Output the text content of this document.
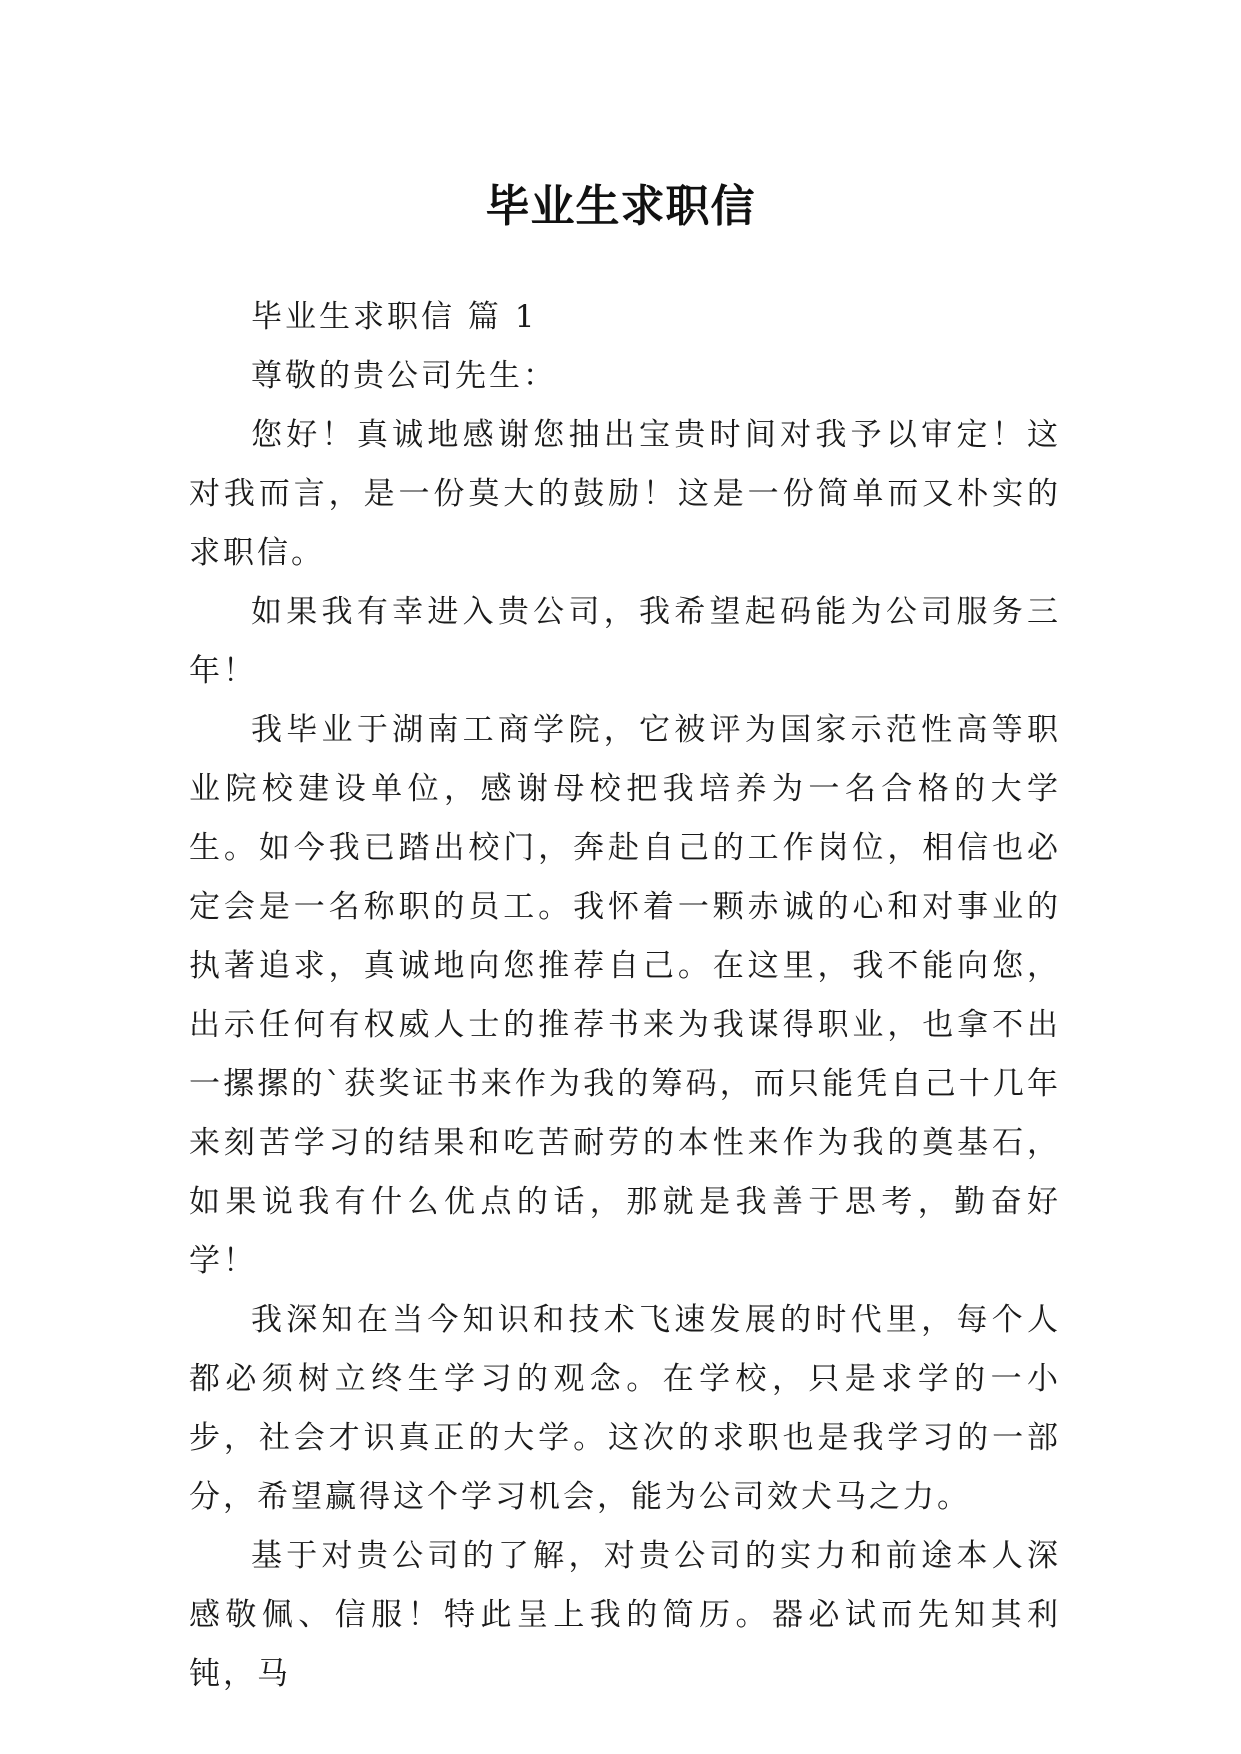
毕业生求职信

毕业生求职信 篇 1

尊敬的贵公司先生：

您好！真诚地感谢您抽出宝贵时间对我予以审定！这对我而言，是一份莫大的鼓励！这是一份简单而又朴实的求职信。

如果我有幸进入贵公司，我希望起码能为公司服务三年！

我毕业于湖南工商学院，它被评为国家示范性高等职业院校建设单位，感谢母校把我培养为一名合格的大学生。如今我已踏出校门，奔赴自己的工作岗位，相信也必定会是一名称职的员工。我怀着一颗赤诚的心和对事业的执著追求，真诚地向您推荐自己。在这里，我不能向您，出示任何有权威人士的推荐书来为我谋得职业，也拿不出一摞摞的`获奖证书来作为我的筹码，而只能凭自己十几年来刻苦学习的结果和吃苦耐劳的本性来作为我的奠基石，如果说我有什么优点的话，那就是我善于思考，勤奋好学！

我深知在当今知识和技术飞速发展的时代里，每个人都必须树立终生学习的观念。在学校，只是求学的一小步，社会才识真正的大学。这次的求职也是我学习的一部分，希望赢得这个学习机会，能为公司效犬马之力。

基于对贵公司的了解，对贵公司的实力和前途本人深感敬佩、信服！特此呈上我的简历。器必试而先知其利钝，马
